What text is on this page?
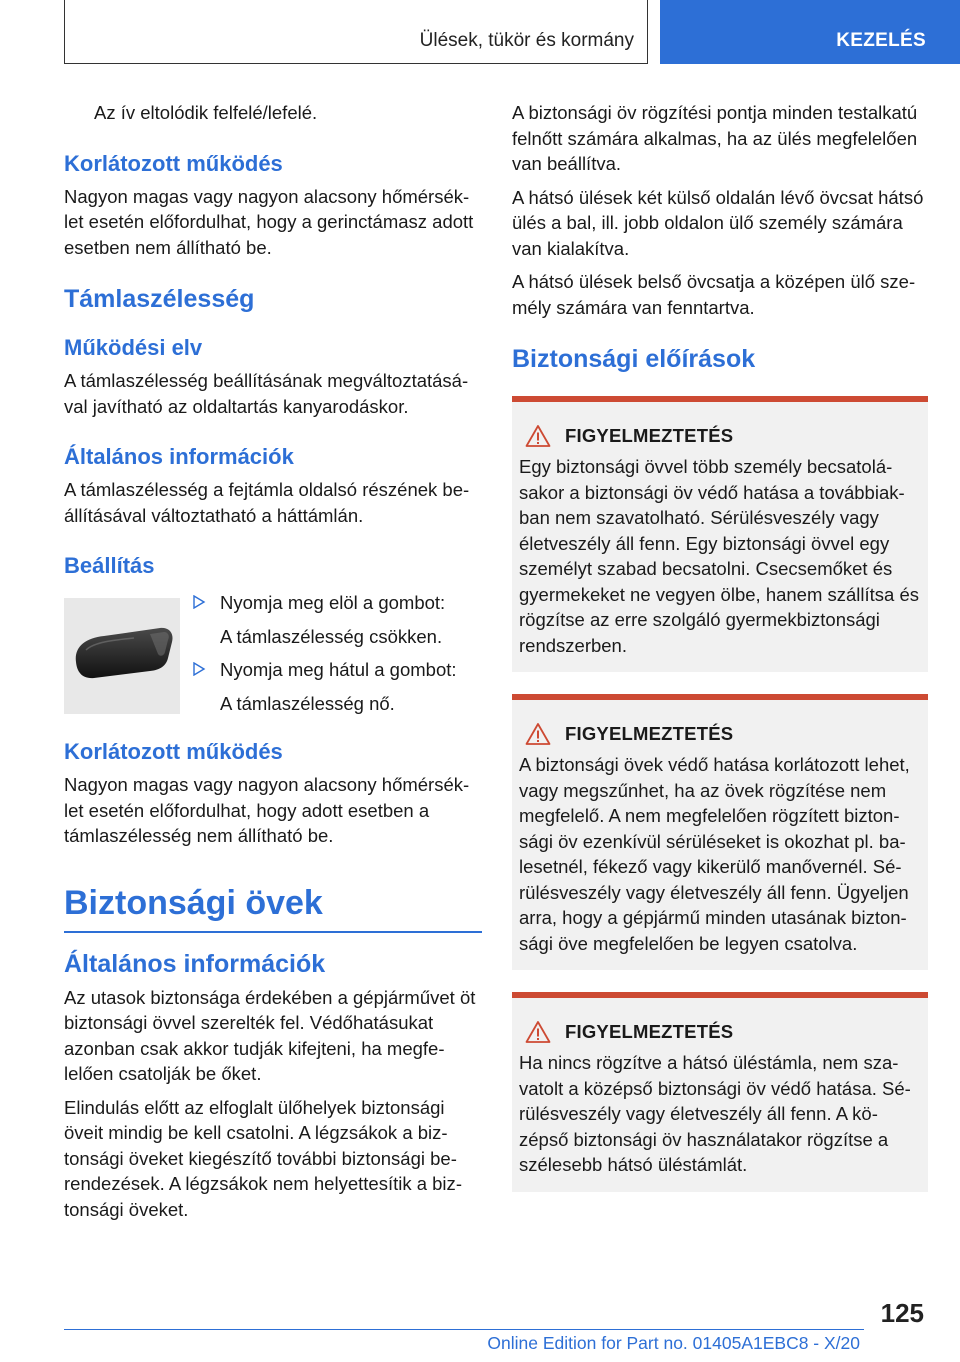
Ülések, tükör és kormány	KEZELÉS

Az ív eltolódik felfelé/lefelé.

Korlátozott működés

Nagyon magas vagy nagyon alacsony hőmérséklet esetén előfordulhat, hogy a gerinctámasz adott esetben nem állítható be.

Támlaszélesség
Működési elv

A támlaszélesség beállításának megváltoztatásával javítható az oldaltartás kanyarodáskor.

Általános információk

A támlaszélesség a fejtámla oldalsó részének beállításával változtatható a háttámlán.

Beállítás
Nyomja meg elöl a gombot:
A támlaszélesség csökken.
Nyomja meg hátul a gombot:
A támlaszélesség nő.
Korlátozott működés

Nagyon magas vagy nagyon alacsony hőmérséklet esetén előfordulhat, hogy adott esetben a támlaszélesség nem állítható be.

Biztonsági övek
Általános információk

Az utasok biztonsága érdekében a gépjárművet öt biztonsági övvel szerelték fel. Védőhatásukat azonban csak akkor tudják kifejteni, ha megfelelően csatolják be őket.

Elindulás előtt az elfoglalt ülőhelyek biztonsági öveit mindig be kell csatolni. A légzsákok a biztonsági öveket kiegészítő további biztonsági berendezések. A légzsákok nem helyettesítik a biztonsági öveket.

A biztonsági öv rögzítési pontja minden testalkatú felnőtt számára alkalmas, ha az ülés megfelelően van beállítva.

A hátsó ülések két külső oldalán lévő övcsat hátsó ülés a bal, ill. jobb oldalon ülő személy számára van kialakítva.

A hátsó ülések belső övcsatja a középen ülő személy számára van fenntartva.

Biztonsági előírások
FIGYELMEZTETÉS

Egy biztonsági övvel több személy becsatolásakor a biztonsági öv védő hatása a továbbiakban nem szavatolható. Sérülésveszély vagy életveszély áll fenn. Egy biztonsági övvel egy személyt szabad becsatolni. Csecsemőket és gyermekeket ne vegyen ölbe, hanem szállítsa és rögzítse az erre szolgáló gyermekbiztonsági rendszerben.

FIGYELMEZTETÉS

A biztonsági övek védő hatása korlátozott lehet, vagy megszűnhet, ha az övek rögzítése nem megfelelő. A nem megfelelően rögzített biztonsági öv ezenkívül sérüléseket is okozhat pl. balesetnél, fékező vagy kikerülő manővernél. Sérülésveszély vagy életveszély áll fenn. Ügyeljen arra, hogy a gépjármű minden utasának biztonsági öve megfelelően be legyen csatolva.

FIGYELMEZTETÉS

Ha nincs rögzítve a hátsó üléstámla, nem szavatolt a középső biztonsági öv védő hatása. Sérülésveszély vagy életveszély áll fenn. A középső biztonsági öv használatakor rögzítse a szélesebb hátsó üléstámlát.

125
Online Edition for Part no. 01405A1EBC8 - X/20
